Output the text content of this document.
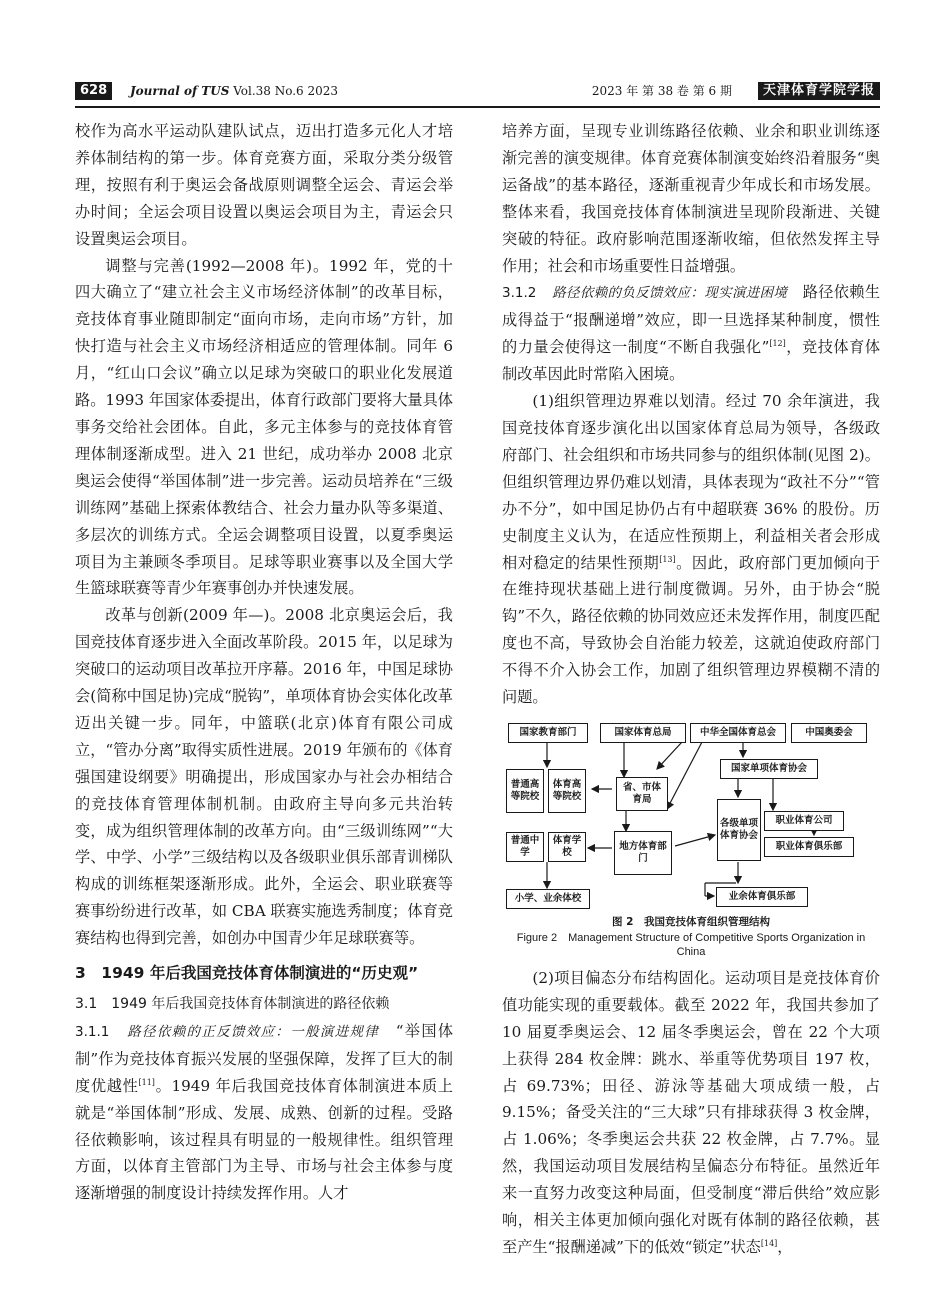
628	Journal of TUS Vol.38 No.6 2023	2023 年 第 38 卷 第 6 期	天津体育学院学报

校作为高水平运动队建队试点，迈出打造多元化人才培养体制结构的第一步。体育竞赛方面，采取分类分级管理，按照有利于奥运会备战原则调整全运会、青运会举办时间；全运会项目设置以奥运会项目为主，青运会只设置奥运会项目。

调整与完善(1992—2008 年)。1992 年，党的十四大确立了“建立社会主义市场经济体制”的改革目标，竞技体育事业随即制定“面向市场，走向市场”方针，加快打造与社会主义市场经济相适应的管理体制。同年 6 月，“红山口会议”确立以足球为突破口的职业化发展道路。1993 年国家体委提出，体育行政部门要将大量具体事务交给社会团体。自此，多元主体参与的竞技体育管理体制逐渐成型。进入 21 世纪，成功举办 2008 北京奥运会使得“举国体制”进一步完善。运动员培养在“三级训练网”基础上探索体教结合、社会力量办队等多渠道、多层次的训练方式。全运会调整项目设置，以夏季奥运项目为主兼顾冬季项目。足球等职业赛事以及全国大学生篮球联赛等青少年赛事创办并快速发展。

改革与创新(2009 年—)。2008 北京奥运会后，我国竞技体育逐步进入全面改革阶段。2015 年，以足球为突破口的运动项目改革拉开序幕。2016 年，中国足球协会(简称中国足协)完成“脱钩”，单项体育协会实体化改革迈出关键一步。同年，中篮联(北京)体育有限公司成立，“管办分离”取得实质性进展。2019 年颁布的《体育强国建设纲要》明确提出，形成国家办与社会办相结合的竞技体育管理体制机制。由政府主导向多元共治转变，成为组织管理体制的改革方向。由“三级训练网”“大学、中学、小学”三级结构以及各级职业俱乐部青训梯队构成的训练框架逐渐形成。此外，全运会、职业联赛等赛事纷纷进行改革，如 CBA 联赛实施选秀制度；体育竞赛结构也得到完善，如创办中国青少年足球联赛等。

3　1949 年后我国竞技体育体制演进的“历史观”
3.1　1949 年后我国竞技体育体制演进的路径依赖

3.1.1　 路径依赖的正反馈效应：一般演进规律　 “举国体制”作为竞技体育振兴发展的坚强保障，发挥了巨大的制度优越性[11]。1949 年后我国竞技体育体制演进本质上就是“举国体制”形成、发展、成熟、创新的过程。受路径依赖影响，该过程具有明显的一般规律性。组织管理方面，以体育主管部门为主导、市场与社会主体参与度逐渐增强的制度设计持续发挥作用。人才

培养方面，呈现专业训练路径依赖、业余和职业训练逐渐完善的演变规律。体育竞赛体制演变始终沿着服务“奥运备战”的基本路径，逐渐重视青少年成长和市场发展。整体来看，我国竞技体育体制演进呈现阶段渐进、关键突破的特征。政府影响范围逐渐收缩，但依然发挥主导作用；社会和市场重要性日益增强。

3.1.2　 路径依赖的负反馈效应：现实演进困境　 路径依赖生成得益于“报酬递增”效应，即一旦选择某种制度，惯性的力量会使得这一制度“不断自我强化”[12]，竞技体育体制改革因此时常陷入困境。

(1)组织管理边界难以划清。经过 70 余年演进，我国竞技体育逐步演化出以国家体育总局为领导，各级政府部门、社会组织和市场共同参与的组织体制(见图 2)。但组织管理边界仍难以划清，具体表现为“政社不分”“管办不分”，如中国足协仍占有中超联赛 36% 的股份。历史制度主义认为，在适应性预期上，利益相关者会形成相对稳定的结果性预期[13]。因此，政府部门更加倾向于在维持现状基础上进行制度微调。另外，由于协会“脱钩”不久，路径依赖的协同效应还未发挥作用，制度匹配度也不高，导致协会自治能力较差，这就迫使政府部门不得不介入协会工作，加剧了组织管理边界模糊不清的问题。

国家教育部门	国家体育总局	中华全国体育总会	中国奥委会
普通高等院校
体育高等院校
省、市体育局
国家单项体育协会
各级单项体育协会
职业体育公司
职业体育俱乐部
普通中学
体育学校
地方体育部门
小学、业余体校	业余体育俱乐部
图 2　我国竞技体育组织管理结构
Figure 2　Management Structure of Competitive Sports Organization in China

(2)项目偏态分布结构固化。运动项目是竞技体育价值功能实现的重要载体。截至 2022 年，我国共参加了 10 届夏季奥运会、12 届冬季奥运会，曾在 22 个大项上获得 284 枚金牌：跳水、举重等优势项目 197 枚，占 69.73%；田径、游泳等基础大项成绩一般，占 9.15%；备受关注的“三大球”只有排球获得 3 枚金牌，占 1.06%；冬季奥运会共获 22 枚金牌，占 7.7%。显然，我国运动项目发展结构呈偏态分布特征。虽然近年来一直努力改变这种局面，但受制度“滞后供给”效应影响，相关主体更加倾向强化对既有体制的路径依赖，甚至产生“报酬递减”下的低效“锁定”状态[14]，
